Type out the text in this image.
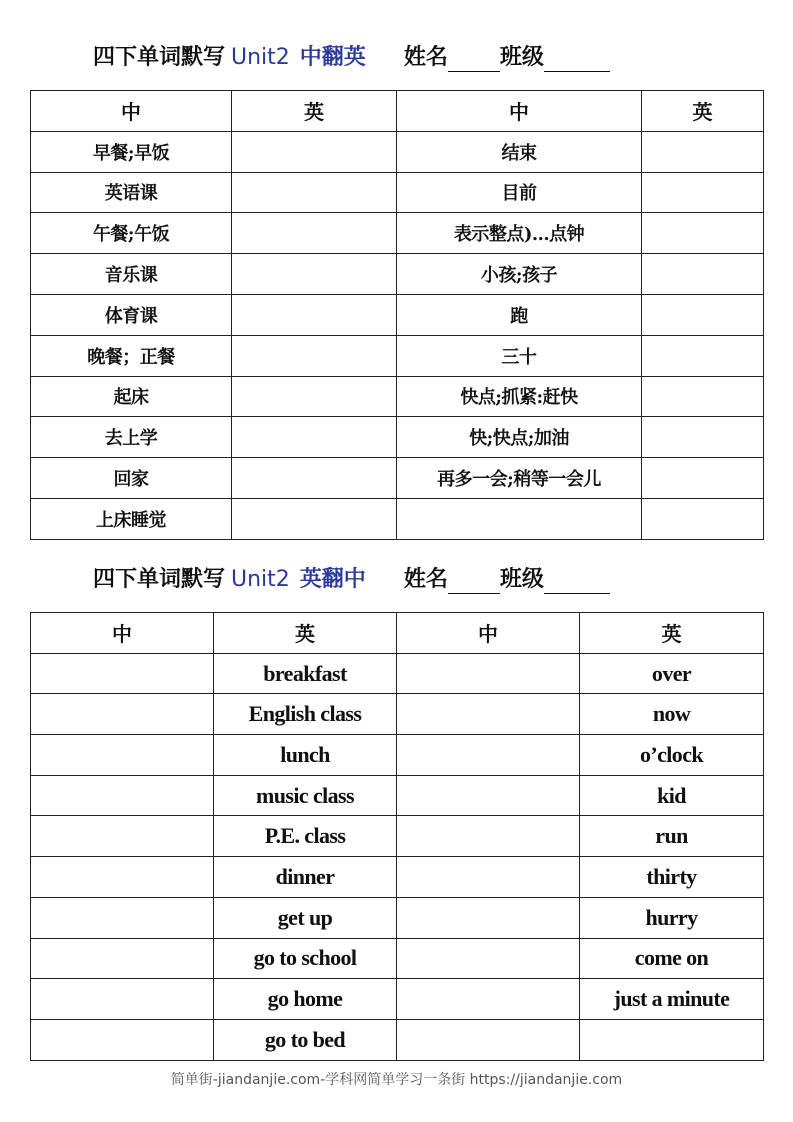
四下单词默写 Unit2 中翻英 姓名 班级
中	英	中	英
早餐;早饭		结束	
英语课		目前	
午餐;午饭		表示整点)...点钟	
音乐课		小孩;孩子	
体育课		跑	
晚餐；正餐		三十	
起床		快点;抓紧:赶快	
去上学		快;快点;加油	
回家		再多一会;稍等一会儿	
上床睡觉			
四下单词默写 Unit2 英翻中 姓名 班级
中	英	中	英
	breakfast		over
	English class		now
	lunch		o’clock
	music class		kid
	P.E. class		run
	dinner		thirty
	get up		hurry
	go to school		come on
	go home		just a minute
	go to bed		
简单街-jiandanjie.com-学科网简单学习一条街 https://jiandanjie.com
